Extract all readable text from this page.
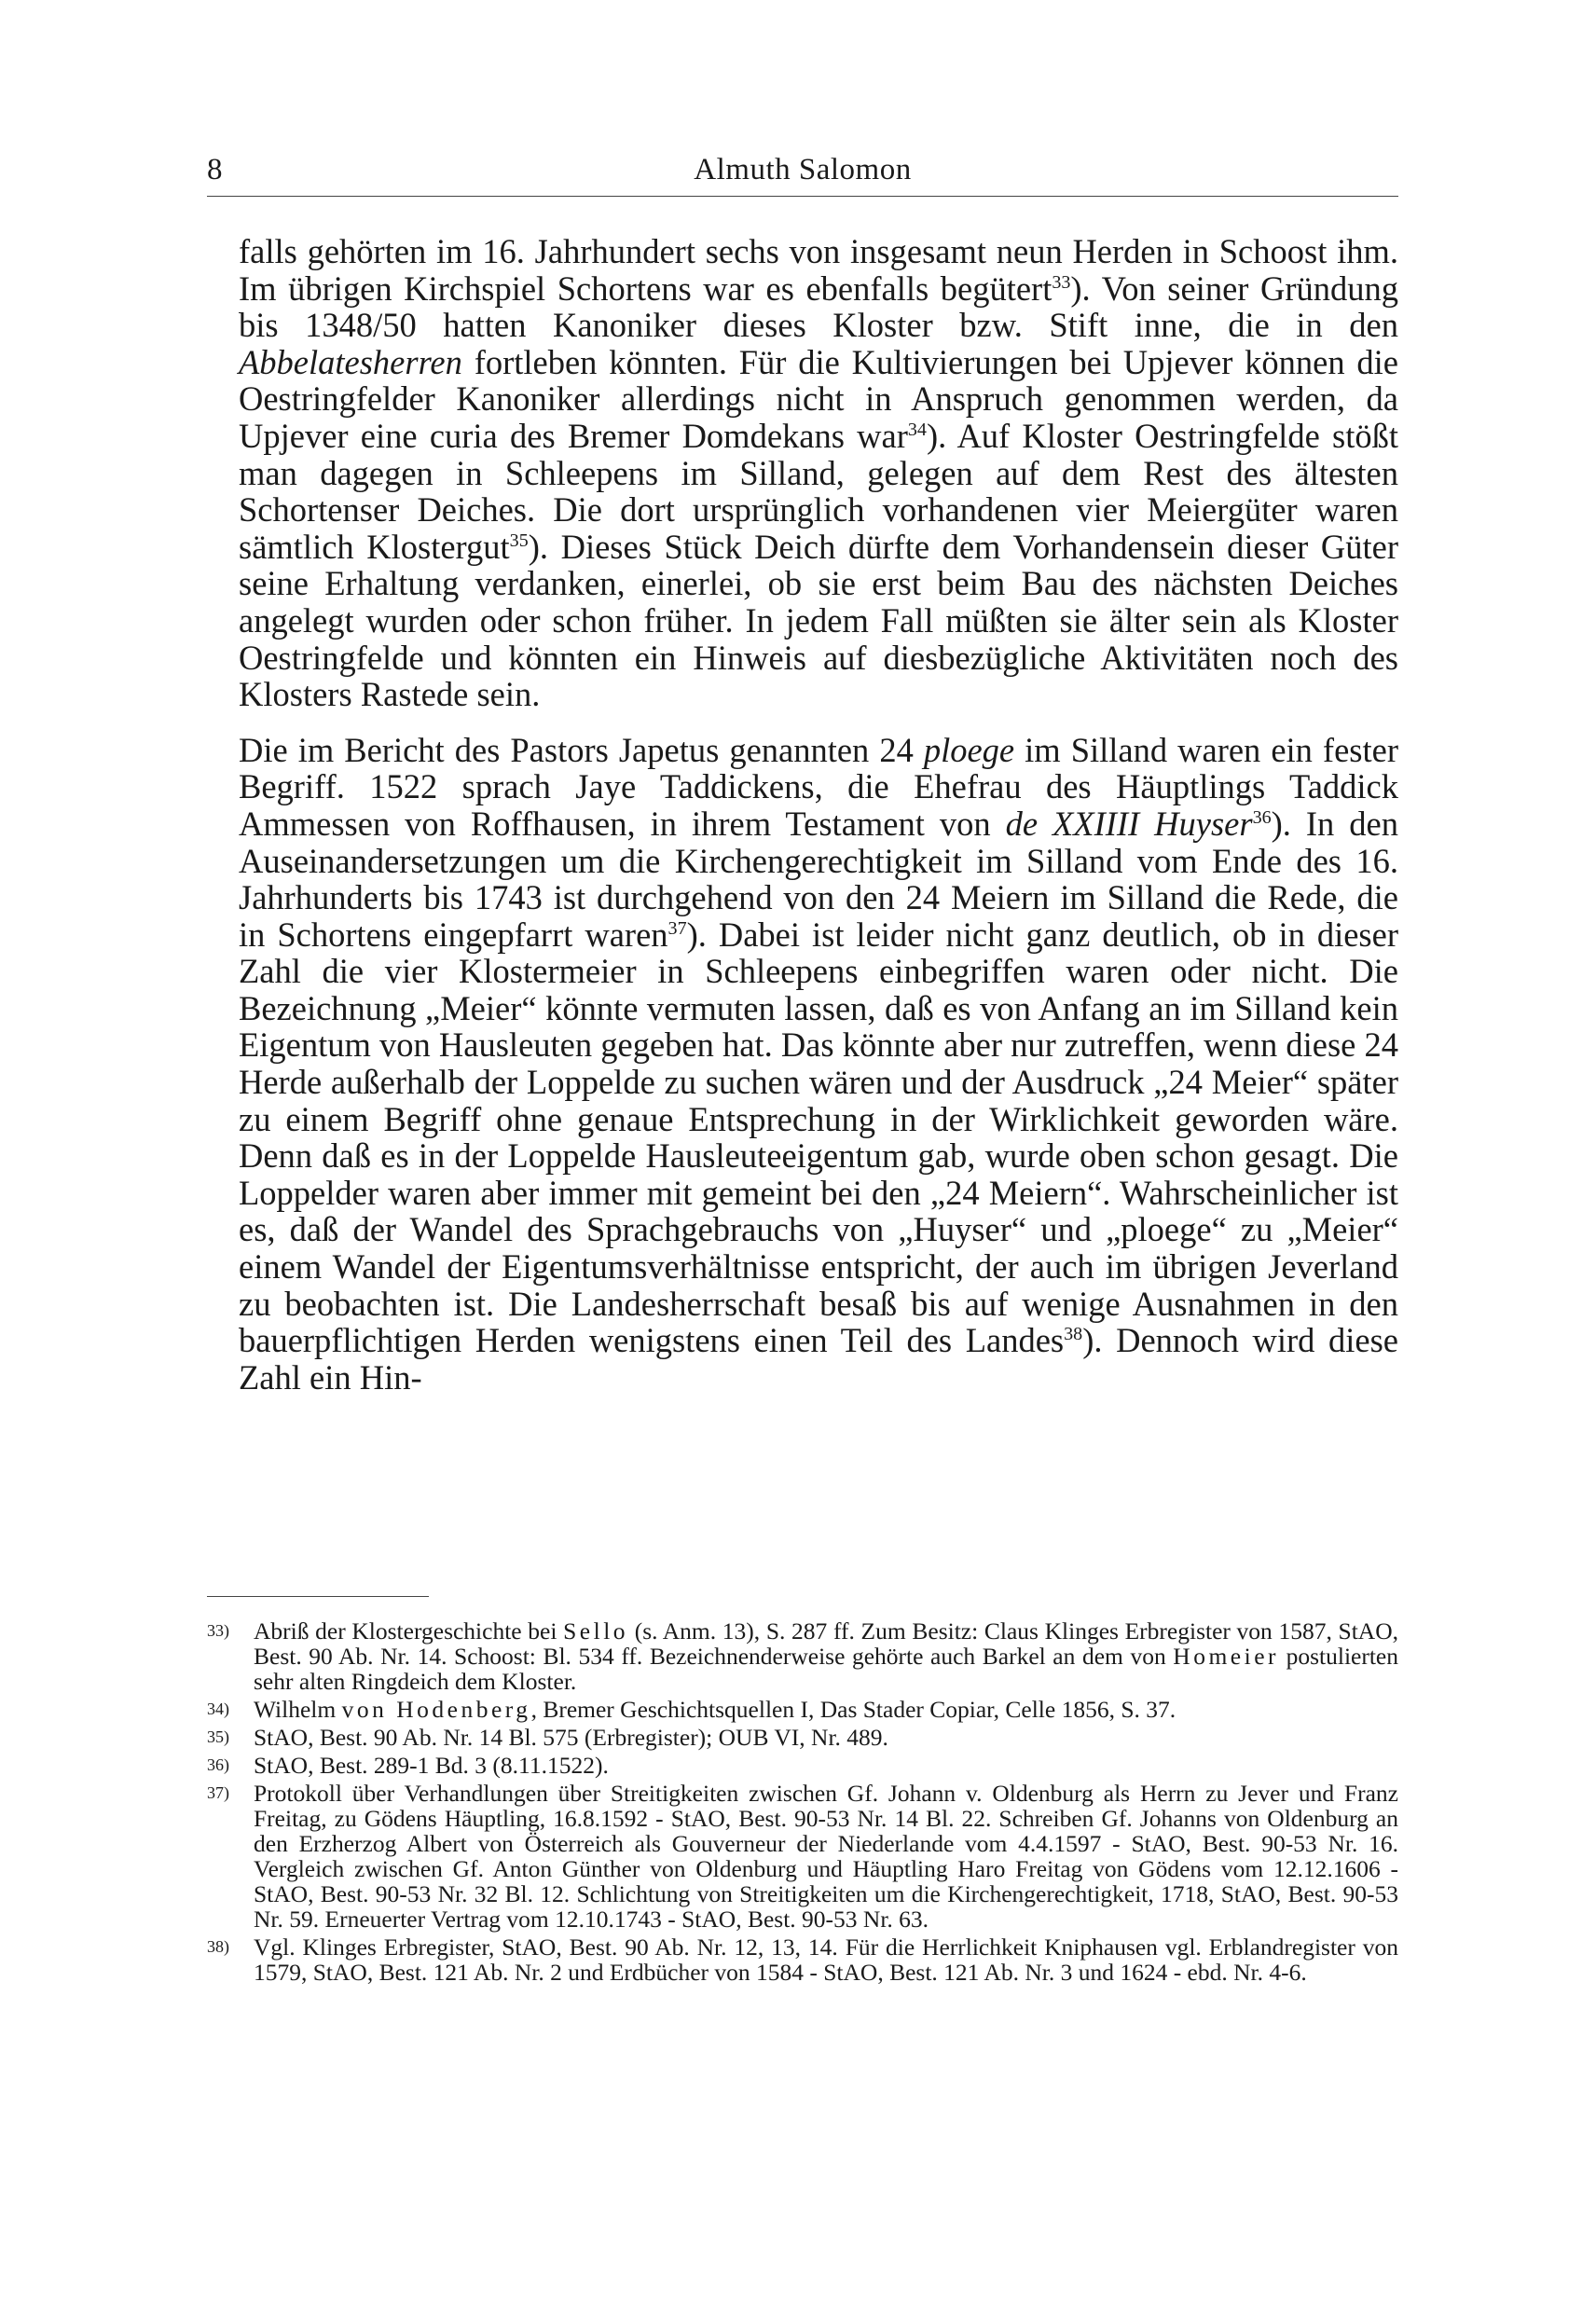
8	Almuth Salomon

falls gehörten im 16. Jahrhundert sechs von insgesamt neun Herden in Schoost ihm. Im übrigen Kirchspiel Schortens war es ebenfalls begütert$^{33}$). Von seiner Gründung bis 1348/50 hatten Kanoniker dieses Kloster bzw. Stift inne, die in den Abbelatesherren fortleben könnten. Für die Kultivierungen bei Upjever können die Oestringfelder Kanoniker allerdings nicht in Anspruch genommen werden, da Upjever eine curia des Bremer Domdekans war$^{34}$). Auf Kloster Oestringfelde stößt man dagegen in Schleepens im Silland, gelegen auf dem Rest des ältesten Schortenser Deiches. Die dort ursprünglich vorhandenen vier Meiergüter waren sämtlich Klostergut$^{35}$). Dieses Stück Deich dürfte dem Vorhandensein dieser Güter seine Erhaltung verdanken, einerlei, ob sie erst beim Bau des nächsten Deiches angelegt wurden oder schon früher. In jedem Fall müßten sie älter sein als Kloster Oestringfelde und könnten ein Hinweis auf diesbezügliche Aktivitäten noch des Klosters Rastede sein.

Die im Bericht des Pastors Japetus genannten 24 ploege im Silland waren ein fester Begriff. 1522 sprach Jaye Taddickens, die Ehefrau des Häuptlings Taddick Ammessen von Roffhausen, in ihrem Testament von de XXIIII Huyser$^{36}$). In den Auseinandersetzungen um die Kirchengerechtigkeit im Silland vom Ende des 16. Jahrhunderts bis 1743 ist durchgehend von den 24 Meiern im Silland die Rede, die in Schortens eingepfarrt waren$^{37}$). Dabei ist leider nicht ganz deutlich, ob in dieser Zahl die vier Klostermeier in Schleepens einbegriffen waren oder nicht. Die Bezeichnung „Meier“ könnte vermuten lassen, daß es von Anfang an im Silland kein Eigentum von Hausleuten gegeben hat. Das könnte aber nur zutreffen, wenn diese 24 Herde außerhalb der Loppelde zu suchen wären und der Ausdruck „24 Meier“ später zu einem Begriff ohne genaue Entsprechung in der Wirklichkeit geworden wäre. Denn daß es in der Loppelde Hausleuteeigentum gab, wurde oben schon gesagt. Die Loppelder waren aber immer mit gemeint bei den „24 Meiern“. Wahrscheinlicher ist es, daß der Wandel des Sprachgebrauchs von „Huyser“ und „ploege“ zu „Meier“ einem Wandel der Eigentumsverhältnisse entspricht, der auch im übrigen Jeverland zu beobachten ist. Die Landesherrschaft besaß bis auf wenige Ausnahmen in den bauerpflichtigen Herden wenigstens einen Teil des Landes$^{38}$). Dennoch wird diese Zahl ein Hin-

33)	Abriß der Klostergeschichte bei Sello (s. Anm. 13), S. 287 ff. Zum Besitz: Claus Klinges Erbregister von 1587, StAO, Best. 90 Ab. Nr. 14. Schoost: Bl. 534 ff. Bezeichnenderweise gehörte auch Barkel an dem von Homeier postulierten sehr alten Ringdeich dem Kloster.
34)	Wilhelm von Hodenberg, Bremer Geschichtsquellen I, Das Stader Copiar, Celle 1856, S. 37.
35)	StAO, Best. 90 Ab. Nr. 14 Bl. 575 (Erbregister); OUB VI, Nr. 489.
36)	StAO, Best. 289-1 Bd. 3 (8.11.1522).
37)	Protokoll über Verhandlungen über Streitigkeiten zwischen Gf. Johann v. Oldenburg als Herrn zu Jever und Franz Freitag, zu Gödens Häuptling, 16.8.1592 - StAO, Best. 90-53 Nr. 14 Bl. 22. Schreiben Gf. Johanns von Oldenburg an den Erzherzog Albert von Österreich als Gouverneur der Niederlande vom 4.4.1597 - StAO, Best. 90-53 Nr. 16. Vergleich zwischen Gf. Anton Günther von Oldenburg und Häuptling Haro Freitag von Gödens vom 12.12.1606 - StAO, Best. 90-53 Nr. 32 Bl. 12. Schlichtung von Streitigkeiten um die Kirchengerechtigkeit, 1718, StAO, Best. 90-53 Nr. 59. Erneuerter Vertrag vom 12.10.1743 - StAO, Best. 90-53 Nr. 63.
38)	Vgl. Klinges Erbregister, StAO, Best. 90 Ab. Nr. 12, 13, 14. Für die Herrlichkeit Kniphausen vgl. Erblandregister von 1579, StAO, Best. 121 Ab. Nr. 2 und Erdbücher von 1584 - StAO, Best. 121 Ab. Nr. 3 und 1624 - ebd. Nr. 4-6.
